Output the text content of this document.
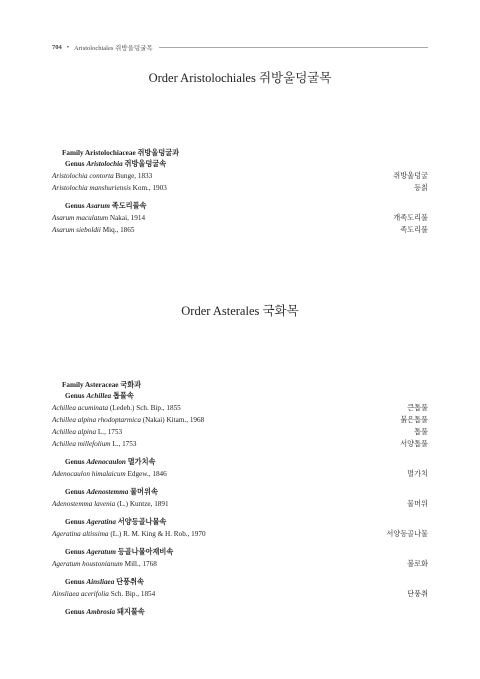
704 • Aristolochiales 쥐방울덩굴목
Order Aristolochiales 쥐방울덩굴목
Family Aristolochiaceae 쥐방울덩굴과
Genus Aristolochia 쥐방울덩굴속
Aristolochia contorta Bunge, 1833	쥐방울덩굴
Aristolochia manshuriensis Kom., 1903	등칡
Genus Asarum 족도리풀속
Asarum maculatum Nakai, 1914	개족도리풀
Asarum sieboldii Miq., 1865	족도리풀
Order Asterales 국화목
Family Asteraceae 국화과
Genus Achillea 톱풀속
Achillea acuminata (Ledeb.) Sch. Bip., 1855	큰톱풀
Achillea alpina rhodoptarmica (Nakai) Kitam., 1968	붉은톱풀
Achillea alpina L., 1753	톱풀
Achillea millefolium L., 1753	서양톱풀
Genus Adenocaulon 멸가치속
Adenocaulon himalaicum Edgew., 1846	멸가치
Genus Adenostemma 물머위속
Adenostemma lavenia (L.) Kuntze, 1891	물머위
Genus Ageratina 서양등골나물속
Ageratina altissima (L.) R. M. King & H. Rob., 1970	서양등골나물
Genus Ageratum 등골나물아재비속
Ageratum houstonianum Mill., 1768	불로화
Genus Ainsliaea 단풍취속
Ainsliaea acerifolia Sch. Bip., 1854	단풍취
Genus Ambrosia 돼지풀속
